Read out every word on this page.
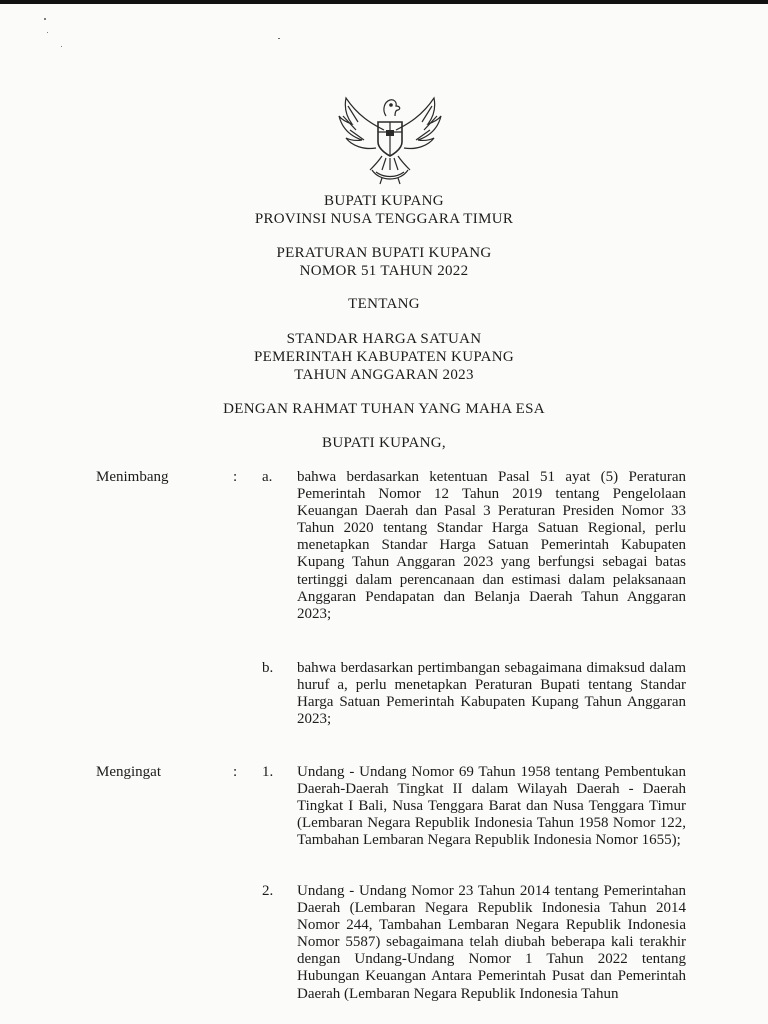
BUPATI KUPANG
PROVINSI NUSA TENGGARA TIMUR
PERATURAN BUPATI KUPANG
NOMOR 51 TAHUN 2022
TENTANG
STANDAR HARGA SATUAN
PEMERINTAH KABUPATEN KUPANG
TAHUN ANGGARAN 2023
DENGAN RAHMAT TUHAN YANG MAHA ESA
BUPATI KUPANG,
Menimbang	: a. bahwa berdasarkan ketentuan Pasal 51 ayat (5) Peraturan Pemerintah Nomor 12 Tahun 2019 tentang Pengelolaan Keuangan Daerah dan Pasal 3 Peraturan Presiden Nomor 33 Tahun 2020 tentang Standar Harga Satuan Regional, perlu menetapkan Standar Harga Satuan Pemerintah Kabupaten Kupang Tahun Anggaran 2023 yang berfungsi sebagai batas tertinggi dalam perencanaan dan estimasi dalam pelaksanaan Anggaran Pendapatan dan Belanja Daerah Tahun Anggaran 2023;

b. bahwa berdasarkan pertimbangan sebagaimana dimaksud dalam huruf a, perlu menetapkan Peraturan Bupati tentang Standar Harga Satuan Pemerintah Kabupaten Kupang Tahun Anggaran 2023;

Mengingat	: 1. Undang - Undang Nomor 69 Tahun 1958 tentang Pembentukan Daerah-Daerah Tingkat II dalam Wilayah Daerah - Daerah Tingkat I Bali, Nusa Tenggara Barat dan Nusa Tenggara Timur (Lembaran Negara Republik Indonesia Tahun 1958 Nomor 122, Tambahan Lembaran Negara Republik Indonesia Nomor 1655);

2. Undang - Undang Nomor 23 Tahun 2014 tentang Pemerintahan Daerah (Lembaran Negara Republik Indonesia Tahun 2014 Nomor 244, Tambahan Lembaran Negara Republik Indonesia Nomor 5587) sebagaimana telah diubah beberapa kali terakhir dengan Undang-Undang Nomor 1 Tahun 2022 tentang Hubungan Keuangan Antara Pemerintah Pusat dan Pemerintah Daerah (Lembaran Negara Republik Indonesia Tahun
